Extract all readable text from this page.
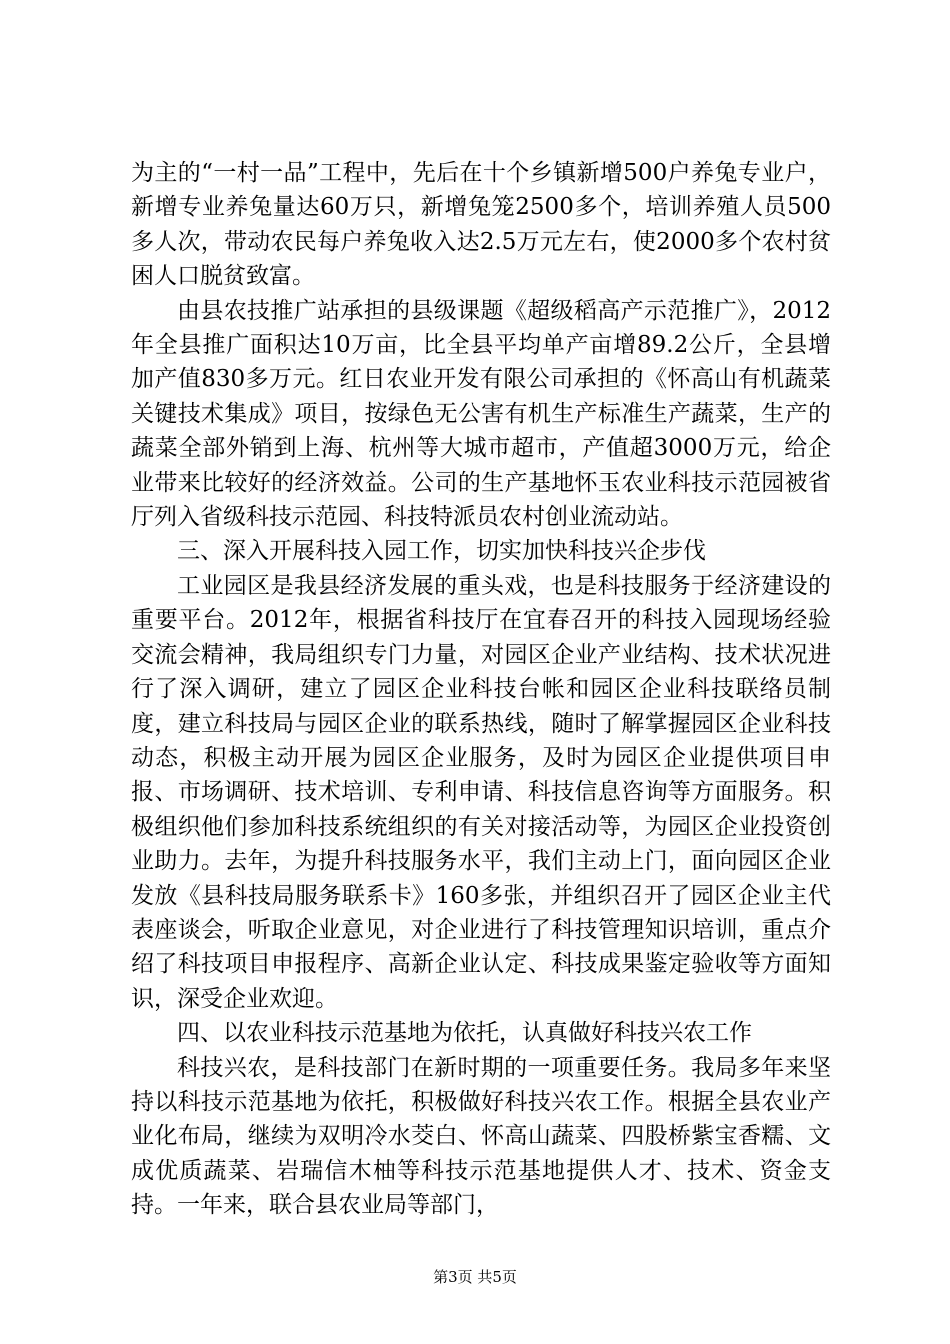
为主的“一村一品”工程中，先后在十个乡镇新增500户养兔专业户，新增专业养兔量达60万只，新增兔笼2500多个，培训养殖人员500多人次，带动农民每户养兔收入达2.5万元左右，使2000多个农村贫困人口脱贫致富。

由县农技推广站承担的县级课题《超级稻高产示范推广》，2012年全县推广面积达10万亩，比全县平均单产亩增89.2公斤，全县增加产值830多万元。红日农业开发有限公司承担的《怀高山有机蔬菜关键技术集成》项目，按绿色无公害有机生产标准生产蔬菜，生产的蔬菜全部外销到上海、杭州等大城市超市，产值超3000万元，给企业带来比较好的经济效益。公司的生产基地怀玉农业科技示范园被省厅列入省级科技示范园、科技特派员农村创业流动站。

三、深入开展科技入园工作，切实加快科技兴企步伐

工业园区是我县经济发展的重头戏，也是科技服务于经济建设的重要平台。2012年，根据省科技厅在宜春召开的科技入园现场经验交流会精神，我局组织专门力量，对园区企业产业结构、技术状况进行了深入调研，建立了园区企业科技台帐和园区企业科技联络员制度，建立科技局与园区企业的联系热线，随时了解掌握园区企业科技动态，积极主动开展为园区企业服务，及时为园区企业提供项目申报、市场调研、技术培训、专利申请、科技信息咨询等方面服务。积极组织他们参加科技系统组织的有关对接活动等，为园区企业投资创业助力。去年，为提升科技服务水平，我们主动上门，面向园区企业发放《县科技局服务联系卡》160多张，并组织召开了园区企业主代表座谈会，听取企业意见，对企业进行了科技管理知识培训，重点介绍了科技项目申报程序、高新企业认定、科技成果鉴定验收等方面知识，深受企业欢迎。

四、以农业科技示范基地为依托，认真做好科技兴农工作

科技兴农，是科技部门在新时期的一项重要任务。我局多年来坚持以科技示范基地为依托，积极做好科技兴农工作。根据全县农业产业化布局，继续为双明冷水茭白、怀高山蔬菜、四股桥紫宝香糯、文成优质蔬菜、岩瑞信木柚等科技示范基地提供人才、技术、资金支持。一年来，联合县农业局等部门，

第3页 共5页
